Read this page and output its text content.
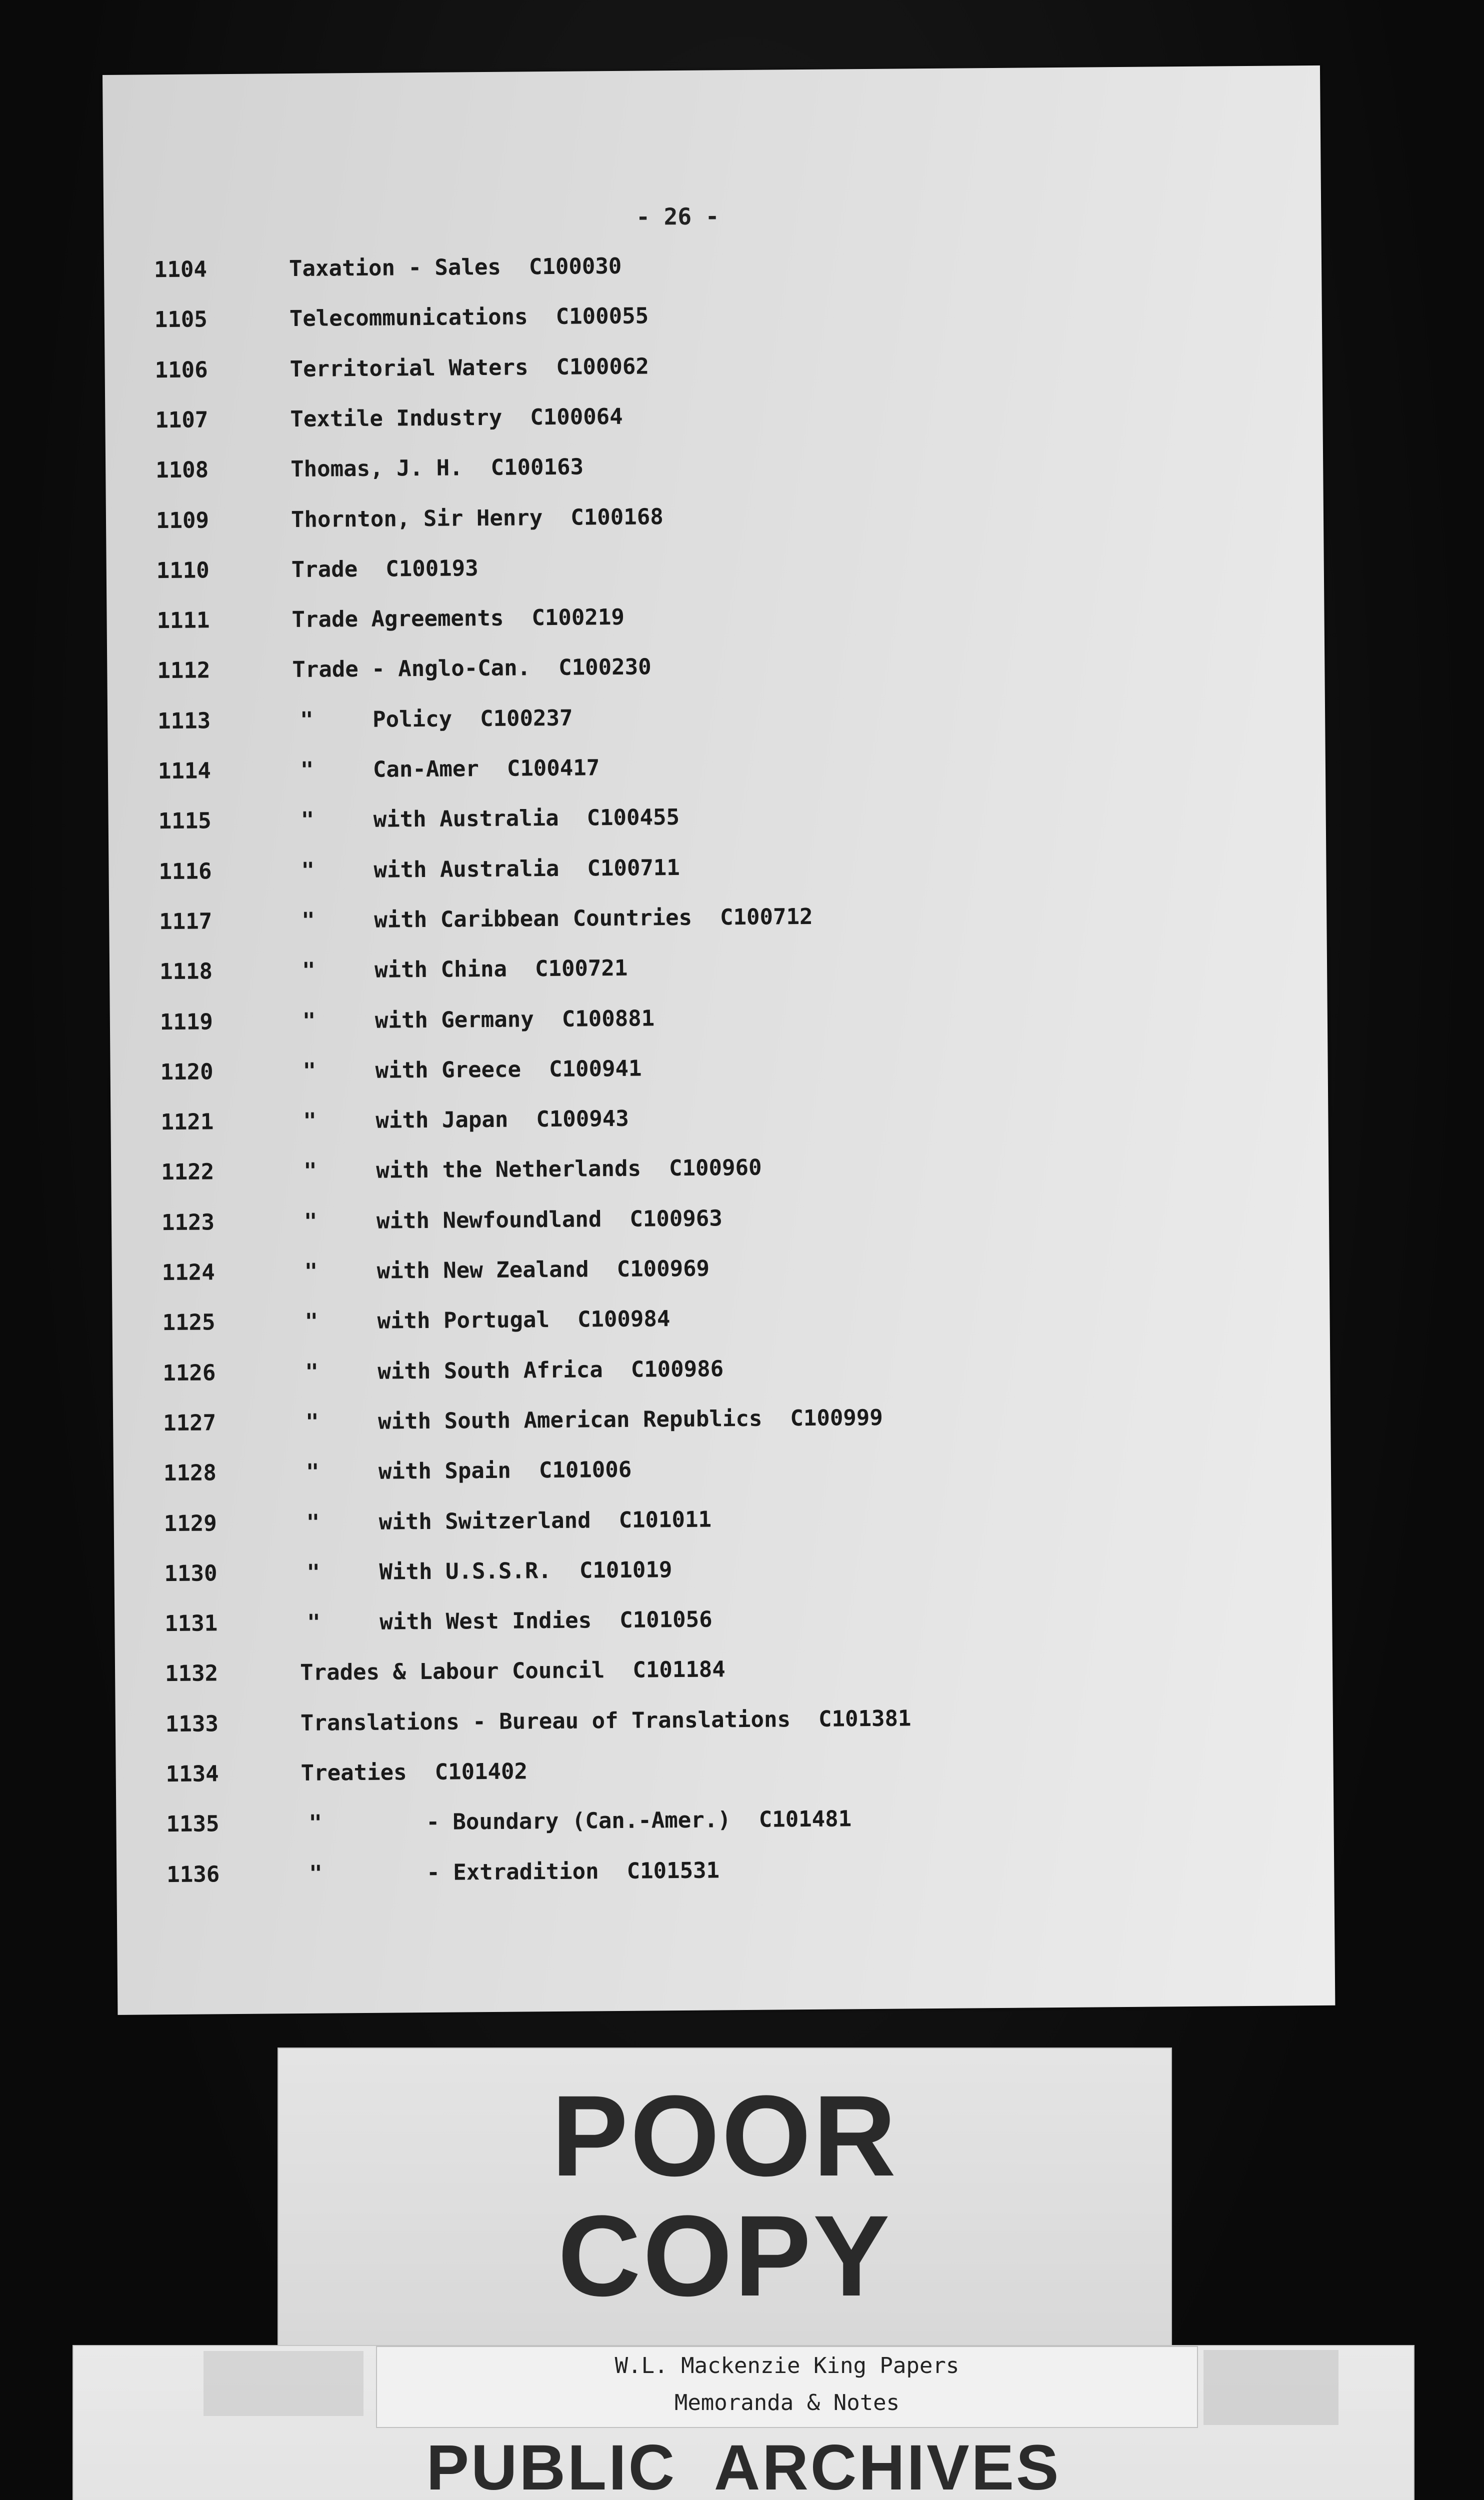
- 26 -
1104	Taxation - Sales C100030
1105	Telecommunications C100055
1106	Territorial Waters C100062
1107	Textile Industry C100064
1108	Thomas, J. H. C100163
1109	Thornton, Sir Henry C100168
1110	Trade C100193
1111	Trade Agreements C100219
1112	Trade - Anglo-Can. C100230
1113	"	Policy C100237
1114	"	Can-Amer C100417
1115	"	with Australia C100455
1116	"	with Australia C100711
1117	"	with Caribbean Countries C100712
1118	"	with China C100721
1119	"	with Germany C100881
1120	"	with Greece C100941
1121	"	with Japan C100943
1122	"	with the Netherlands C100960
1123	"	with Newfoundland C100963
1124	"	with New Zealand C100969
1125	"	with Portugal C100984
1126	"	with South Africa C100986
1127	"	with South American Republics C100999
1128	"	with Spain C101006
1129	"	with Switzerland C101011
1130	"	With U.S.S.R. C101019
1131	"	with West Indies C101056
1132	Trades & Labour Council C101184
1133	Translations - Bureau of Translations C101381
1134	Treaties C101402
1135	"	- Boundary (Can.-Amer.) C101481
1136	"	- Extradition C101531
POOR
COPY
W.L. Mackenzie King Papers
Memoranda & Notes
PUBLIC ARCHIVES
